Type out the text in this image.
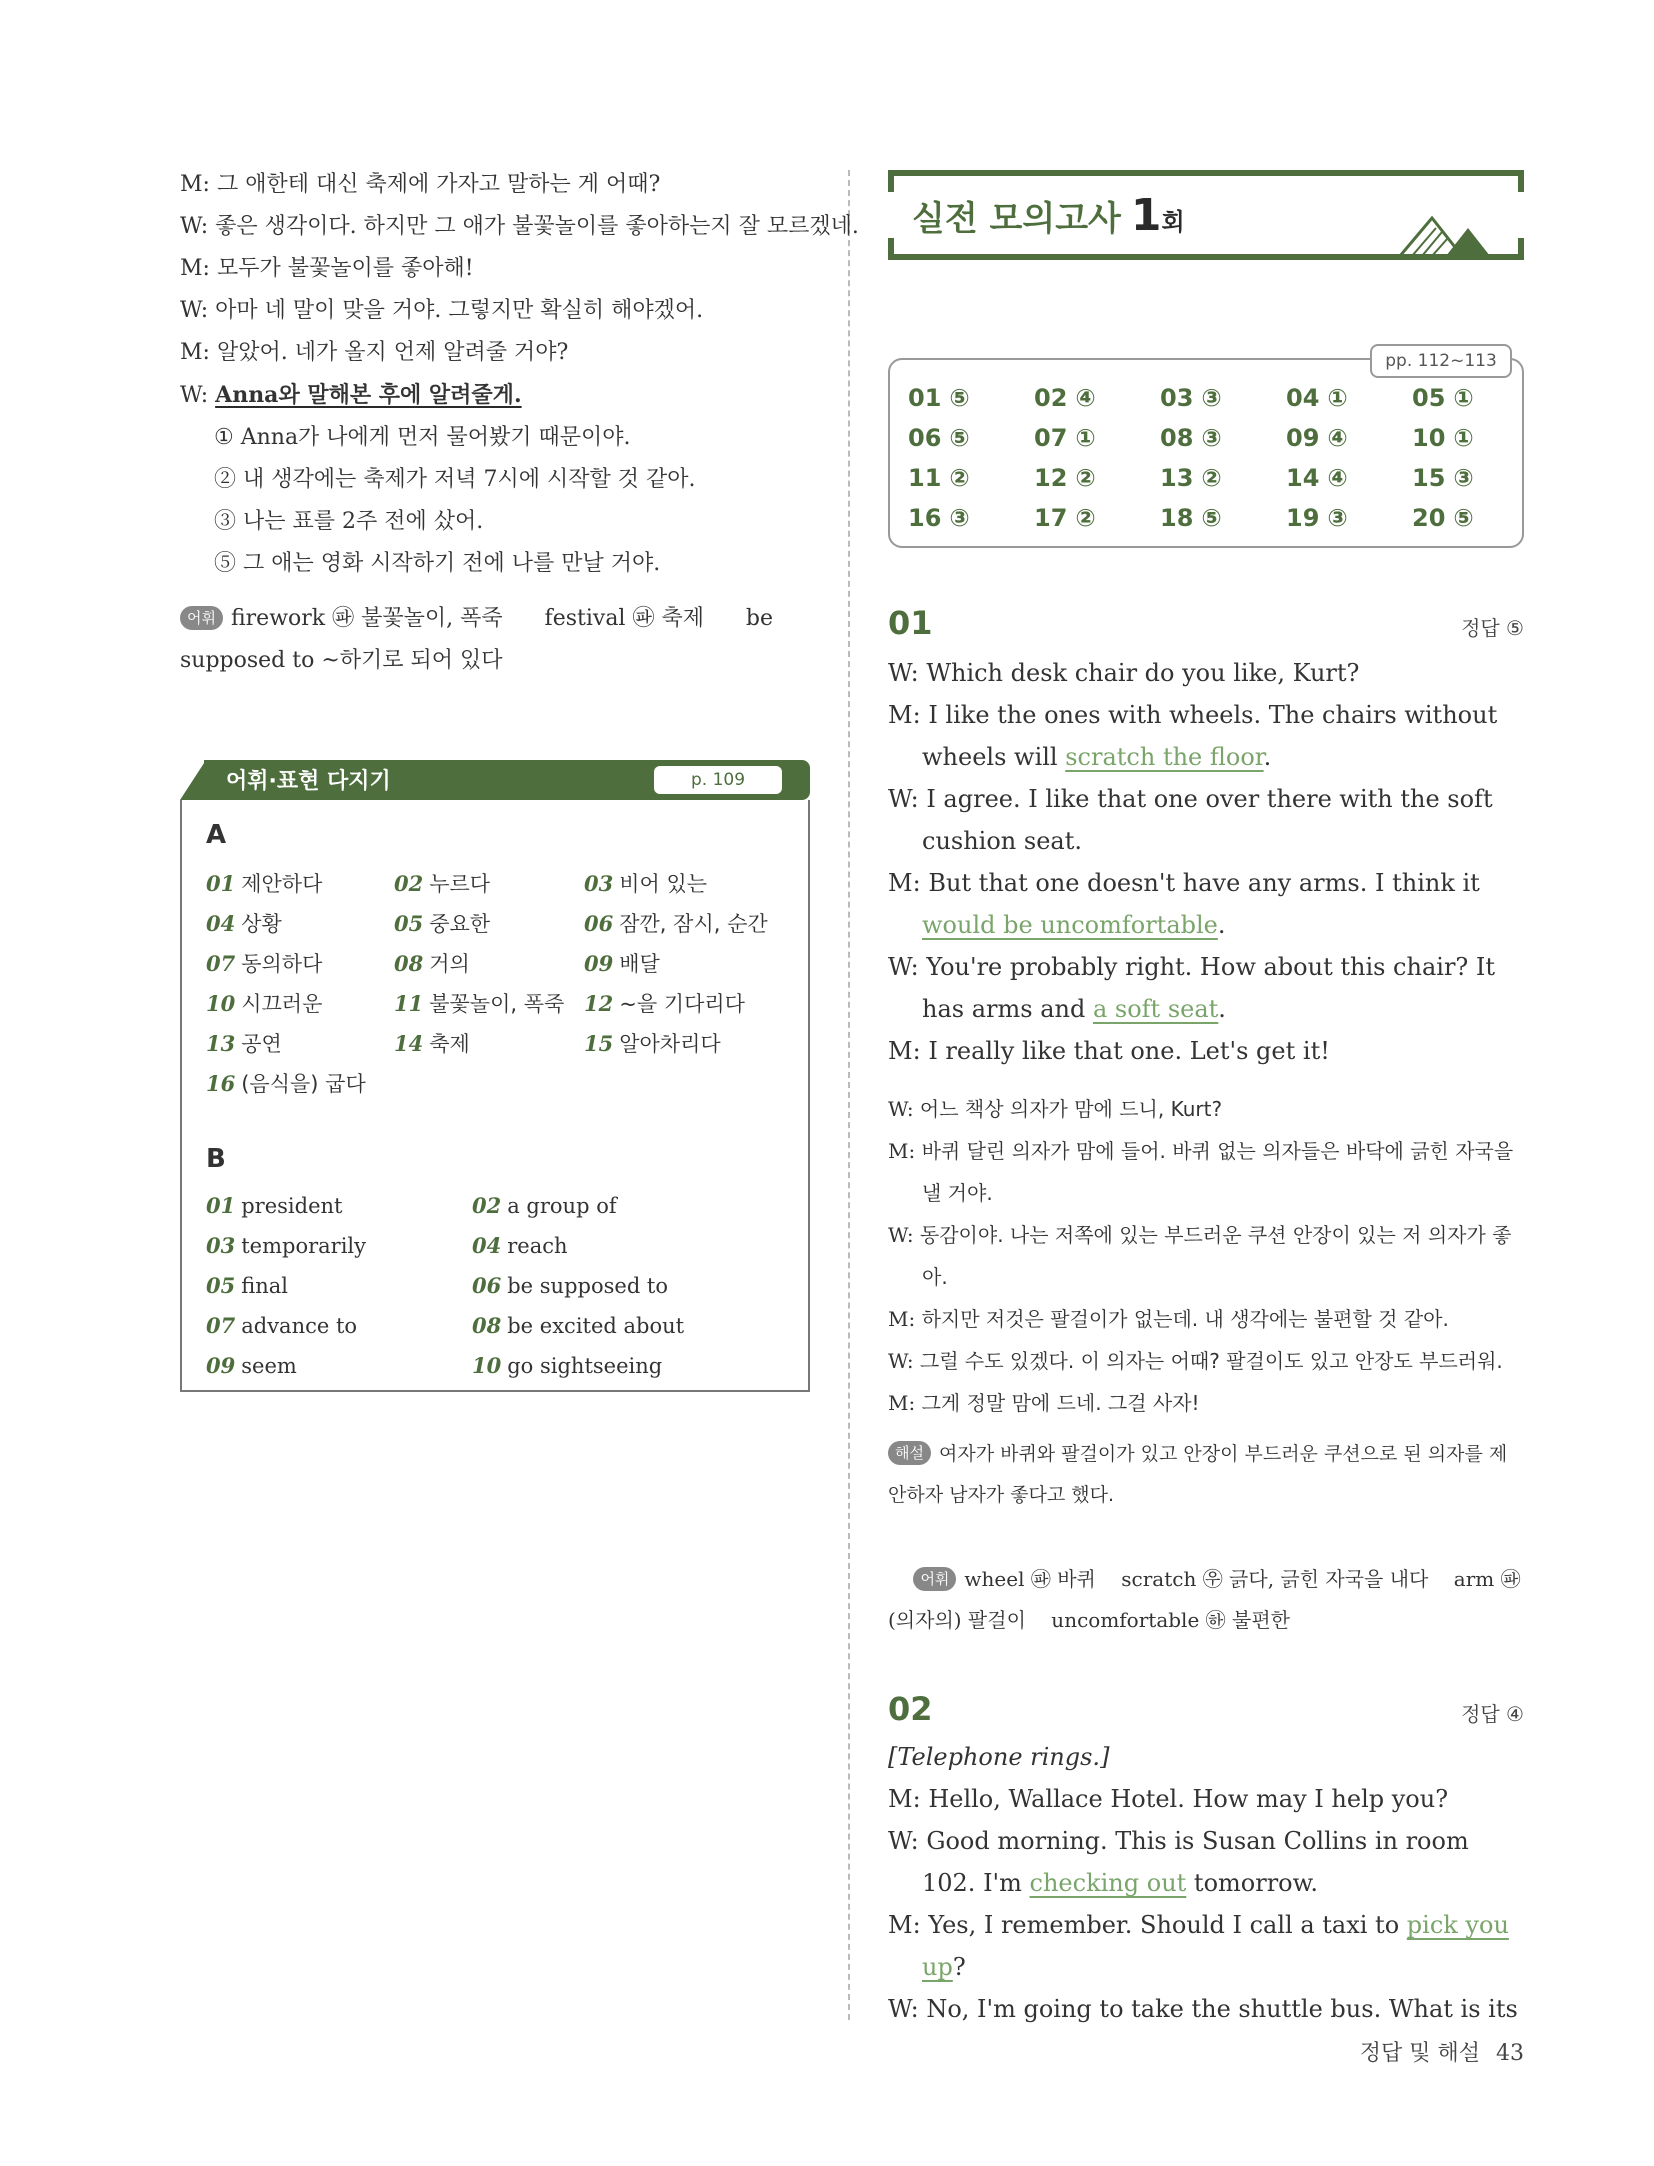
M: 그 애한테 대신 축제에 가자고 말하는 게 어때?
W: 좋은 생각이다. 하지만 그 애가 불꽃놀이를 좋아하는지 잘 모르겠네.
M: 모두가 불꽃놀이를 좋아해!
W: 아마 네 말이 맞을 거야. 그렇지만 확실히 해야겠어.
M: 알았어. 네가 올지 언제 알려줄 거야?
W: Anna와 말해본 후에 알려줄게.
① Anna가 나에게 먼저 물어봤기 때문이야.
② 내 생각에는 축제가 저녁 7시에 시작할 것 같아.
③ 나는 표를 2주 전에 샀어.
⑤ 그 애는 영화 시작하기 전에 나를 만날 거야.
어휘 firework ㉺ 불꽃놀이, 폭죽      festival ㉺ 축제      be
supposed to ~하기로 되어 있다
어휘·표현 다지기	p. 109
A
01 제안하다	02 누르다	03 비어 있는
04 상황	05 중요한	06 잠깐, 잠시, 순간
07 동의하다	08 거의	09 배달
10 시끄러운	11 불꽃놀이, 폭죽 12 ~을 기다리다
13 공연	14 축제	15 알아차리다
16 (음식을) 굽다
B
01 president	02 a group of
03 temporarily	04 reach
05 final	06 be supposed to
07 advance to	08 be excited about
09 seem	10 go sightseeing
실전 모의고사 1회
pp. 112~113
01 ⑤	02 ④	03 ③	04 ①	05 ①
06 ⑤	07 ①	08 ③	09 ④	10 ①
11 ②	12 ②	13 ②	14 ④	15 ③
16 ③	17 ②	18 ⑤	19 ③	20 ⑤
01	정답 ⑤
W: Which desk chair do you like, Kurt?
M: I like the ones with wheels. The chairs without wheels will scratch the floor.
W: I agree. I like that one over there with the soft cushion seat.
M: But that one doesn't have any arms. I think it would be uncomfortable.
W: You're probably right. How about this chair? It has arms and a soft seat.
M: I really like that one. Let's get it!
W: 어느 책상 의자가 맘에 드니, Kurt?
M: 바퀴 달린 의자가 맘에 들어. 바퀴 없는 의자들은 바닥에 긁힌 자국을 낼 거야.
W: 동감이야. 나는 저쪽에 있는 부드러운 쿠션 안장이 있는 저 의자가 좋아.
M: 하지만 저것은 팔걸이가 없는데. 내 생각에는 불편할 것 같아.
W: 그럴 수도 있겠다. 이 의자는 어때? 팔걸이도 있고 안장도 부드러워.
M: 그게 정말 맘에 드네. 그걸 사자!
해설 여자가 바퀴와 팔걸이가 있고 안장이 부드러운 쿠션으로 된 의자를 제안하자 남자가 좋다고 했다.

어휘 wheel ㉺ 바퀴    scratch ㉾ 긁다, 긁힌 자국을 내다    arm ㉺ (의자의) 팔걸이    uncomfortable ㉻ 불편한

02	정답 ④
[Telephone rings.]
M: Hello, Wallace Hotel. How may I help you?
W: Good morning. This is Susan Collins in room 102. I'm checking out tomorrow.
M: Yes, I remember. Should I call a taxi to pick you up?
W: No, I'm going to take the shuttle bus. What is its
정답 및 해설 43
